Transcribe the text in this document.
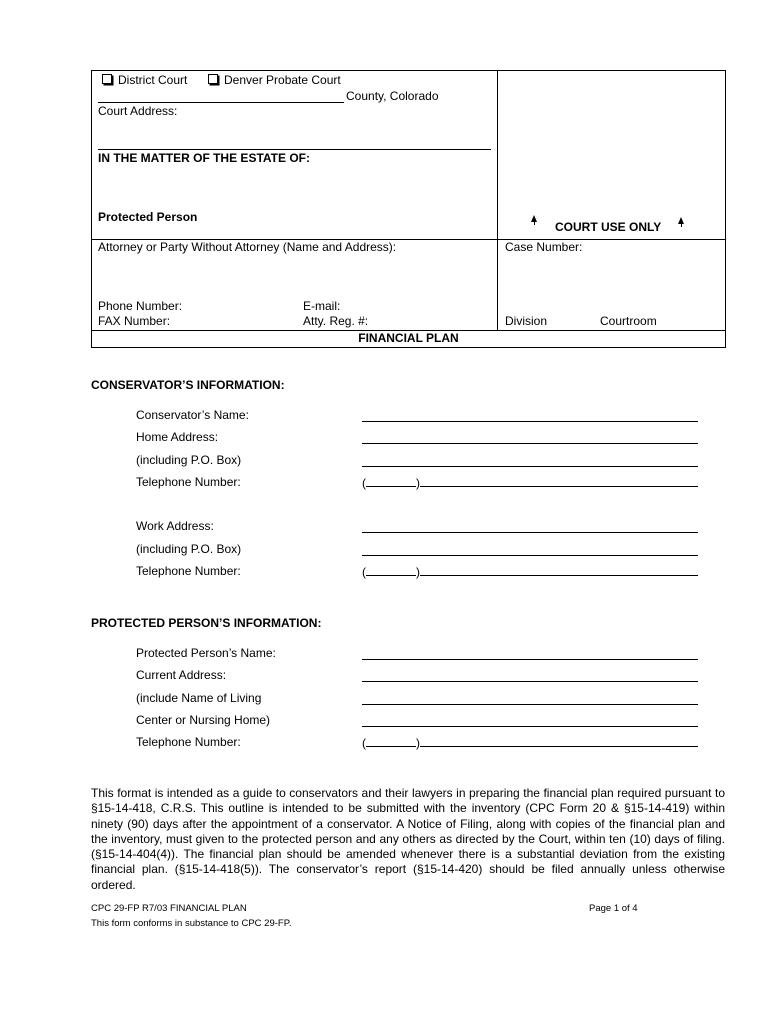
District Court	Denver Probate Court
County, Colorado
Court Address:
IN THE MATTER OF THE ESTATE OF:
Protected Person
COURT USE ONLY
Attorney or Party Without Attorney (Name and Address):	Case Number:
Phone Number:	E-mail:
FAX Number:	Atty. Reg. #:	Division	Courtroom
FINANCIAL PLAN
CONSERVATOR’S INFORMATION:
Conservator’s Name:
Home Address:
(including P.O. Box)
Telephone Number:	(	)
Work Address:
(including P.O. Box)
Telephone Number:	(	)
PROTECTED PERSON’S INFORMATION:
Protected Person’s Name:
Current Address:
(include Name of Living
Center or Nursing Home)
Telephone Number:	(	)
This format is intended as a guide to conservators and their lawyers in preparing the financial plan required pursuant to §15-14-418, C.R.S. This outline is intended to be submitted with the inventory (CPC Form 20 & §15-14-419) within ninety (90) days after the appointment of a conservator. A Notice of Filing, along with copies of the financial plan and the inventory, must given to the protected person and any others as directed by the Court, within ten (10) days of filing. (§15-14-404(4)). The financial plan should be amended whenever there is a substantial deviation from the existing financial plan. (§15-14-418(5)). The conservator’s report (§15-14-420) should be filed annually unless otherwise ordered.
CPC 29-FP R7/03 FINANCIAL PLAN	Page 1 of 4
This form conforms in substance to CPC 29-FP.
